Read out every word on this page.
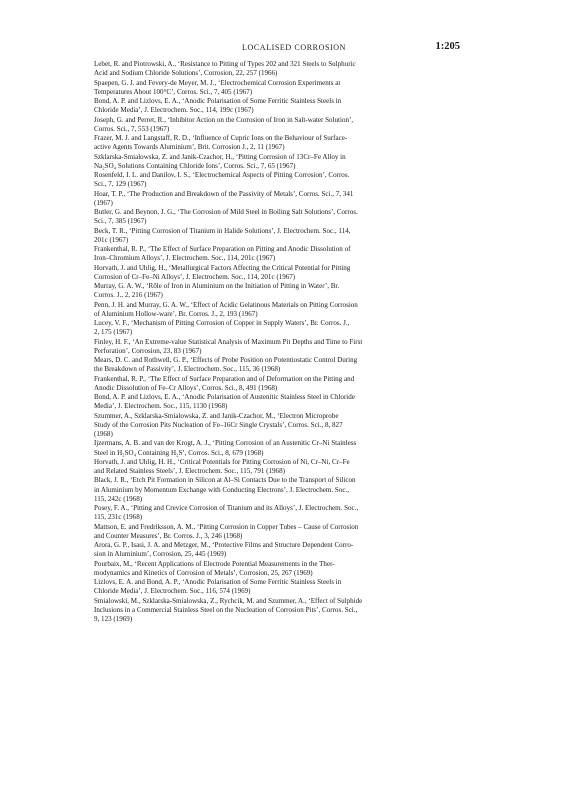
LOCALISED CORROSION	1:205
Lebet, R. and Piotrowski, A., ‘Resistance to Pitting of Types 202 and 321 Steels to Sulphuric
Acid and Sodium Chloride Solutions’, Corrosion, 22, 257 (1966)
Spaepen, G. J. and Fevery-de Meyer, M. J., ‘Electrochemical Corrosion Experiments at
Temperatures About 100°C’, Corros. Sci., 7, 405 (1967)
Bond, A. P. and Lizlovs, E. A., ‘Anodic Polarisation of Some Ferritic Stainless Steels in
Chloride Media’, J. Electrochem. Soc., 114, 199c (1967)
Joseph, G. and Perret, R., ‘Inhibitor Action on the Corrosion of Iron in Salt-water Solution’,
Corros. Sci., 7, 553 (1967)
Frazer, M. J. and Langstaff, R. D., ‘Influence of Cupric Ions on the Behaviour of Surface-
active Agents Towards Aluminium’, Brit. Corrosion J., 2, 11 (1967)
Szklarska-Smialowska, Z. and Janik-Czachor, H., ‘Pitting Corrosion of 13Cr–Fe Alloy in
Na₂SO₄ Solutions Containing Chloride Ions’, Corros. Sci., 7, 65 (1967)
Rosenfeld, I. L. and Danilov, I. S., ‘Electrochemical Aspects of Pitting Corrosion’, Corros.
Sci., 7, 129 (1967)
Hoar, T. P., ‘The Production and Breakdown of the Passivity of Metals’, Corros. Sci., 7, 341
(1967)
Butler, G. and Beynon, J. G., ‘The Corrosion of Mild Steel in Boiling Salt Solutions’, Corros.
Sci., 7, 385 (1967)
Beck, T. R., ‘Pitting Corrosion of Titanium in Halide Solutions’, J. Electrochem. Soc., 114,
201c (1967)
Frankenthal, R. P., ‘The Effect of Surface Preparation on Pitting and Anodic Dissolution of
Iron–Chromium Alloys’, J. Electrochem. Soc., 114, 201c (1967)
Horvath, J. and Uhlig, H., ‘Metallurgical Factors Affecting the Critical Potential for Pitting
Corrosion of Cr–Fe–Ni Alloys’, J. Electrochem. Soc., 114, 201c (1967)
Murray, G. A. W., ‘Rôle of Iron in Aluminium on the Initiation of Pitting in Water’, Br.
Corros. J., 2, 216 (1967)
Penn, J. H. and Murray, G. A. W., ‘Effect of Acidic Gelatinous Materials on Pitting Corrosion
of Aluminium Hollow-ware’, Br. Corros. J., 2, 193 (1967)
Lucey, V. F., ‘Mechanism of Pitting Corrosion of Copper in Supply Waters’, Br. Corros. J.,
2, 175 (1967)
Finley, H. F., ‘An Extreme-value Statistical Analysis of Maximum Pit Depths and Time to First
Perforation’, Corrosion, 23, 83 (1967)
Mears, D. C. and Rothwell, G. P., ‘Effects of Probe Position on Potentiostatic Control During
the Breakdown of Passivity’, J. Electrochem. Soc., 115, 36 (1968)
Frankenthal, R. P., ‘The Effect of Surface Preparation and of Deformation on the Pitting and
Anodic Dissolution of Fe–Cr Alloys’, Corros. Sci., 8, 491 (1968)
Bond, A. P. and Lizlovs, E. A., ‘Anodic Polarisation of Austenitic Stainless Steel in Chloride
Media’, J. Electrochem. Soc., 115, 1130 (1968)
Szummer, A., Szklarska-Smialowska, Z. and Janik-Czachor, M., ‘Electron Microprobe
Study of the Corrosion Pits Nucleation of Fe–16Cr Single Crystals’, Corros. Sci., 8, 827
(1968)
Ijzermans, A. B. and van der Krogt, A. J., ‘Pitting Corrosion of an Austenitic Cr–Ni Stainless
Steel in H₂SO₄ Containing H₂S’, Corros. Sci., 8, 679 (1968)
Horvath, J. and Uhlig, H. H., ‘Critical Potentials for Pitting Corrosion of Ni, Cr–Ni, Cr–Fe
and Related Stainless Steels’, J. Electrochem. Soc., 115, 791 (1968)
Black, J. R., ‘Etch Pit Formation in Silicon at Al–Si Contacts Due to the Transport of Silicon
in Aluminium by Momentum Exchange with Conducting Electrons’, J. Electrochem. Soc.,
115, 242c (1968)
Posey, F. A., ‘Pitting and Crevice Corrosion of Titanium and its Alloys’, J. Electrochem. Soc.,
115, 231c (1968)
Mattson, E. and Fredriksson, A. M., ‘Pitting Corrosion in Copper Tubes – Cause of Corrosion
and Counter Measures’, Br. Corros. J., 3, 246 (1968)
Arora, G. P., Isasi, J. A. and Metzger, M., ‘Protective Films and Structure Dependent Corro-
sion in Aluminium’, Corrosion, 25, 445 (1969)
Pourbaix, M., ‘Recent Applications of Electrode Potential Measurements in the Ther-
modynamics and Kinetics of Corrosion of Metals’, Corrosion, 25, 267 (1969)
Lizlovs, E. A. and Bond, A. P., ‘Anodic Polarisation of Some Ferritic Stainless Steels in
Chloride Media’, J. Electrochem. Soc., 116, 574 (1969)
Smialowski, M., Szklarska-Smialowska, Z., Rychcik, M. and Szummer, A., ‘Effect of Sulphide
Inclusions in a Commercial Stainless Steel on the Nucleation of Corrosion Pits’, Corros. Sci.,
9, 123 (1969)
